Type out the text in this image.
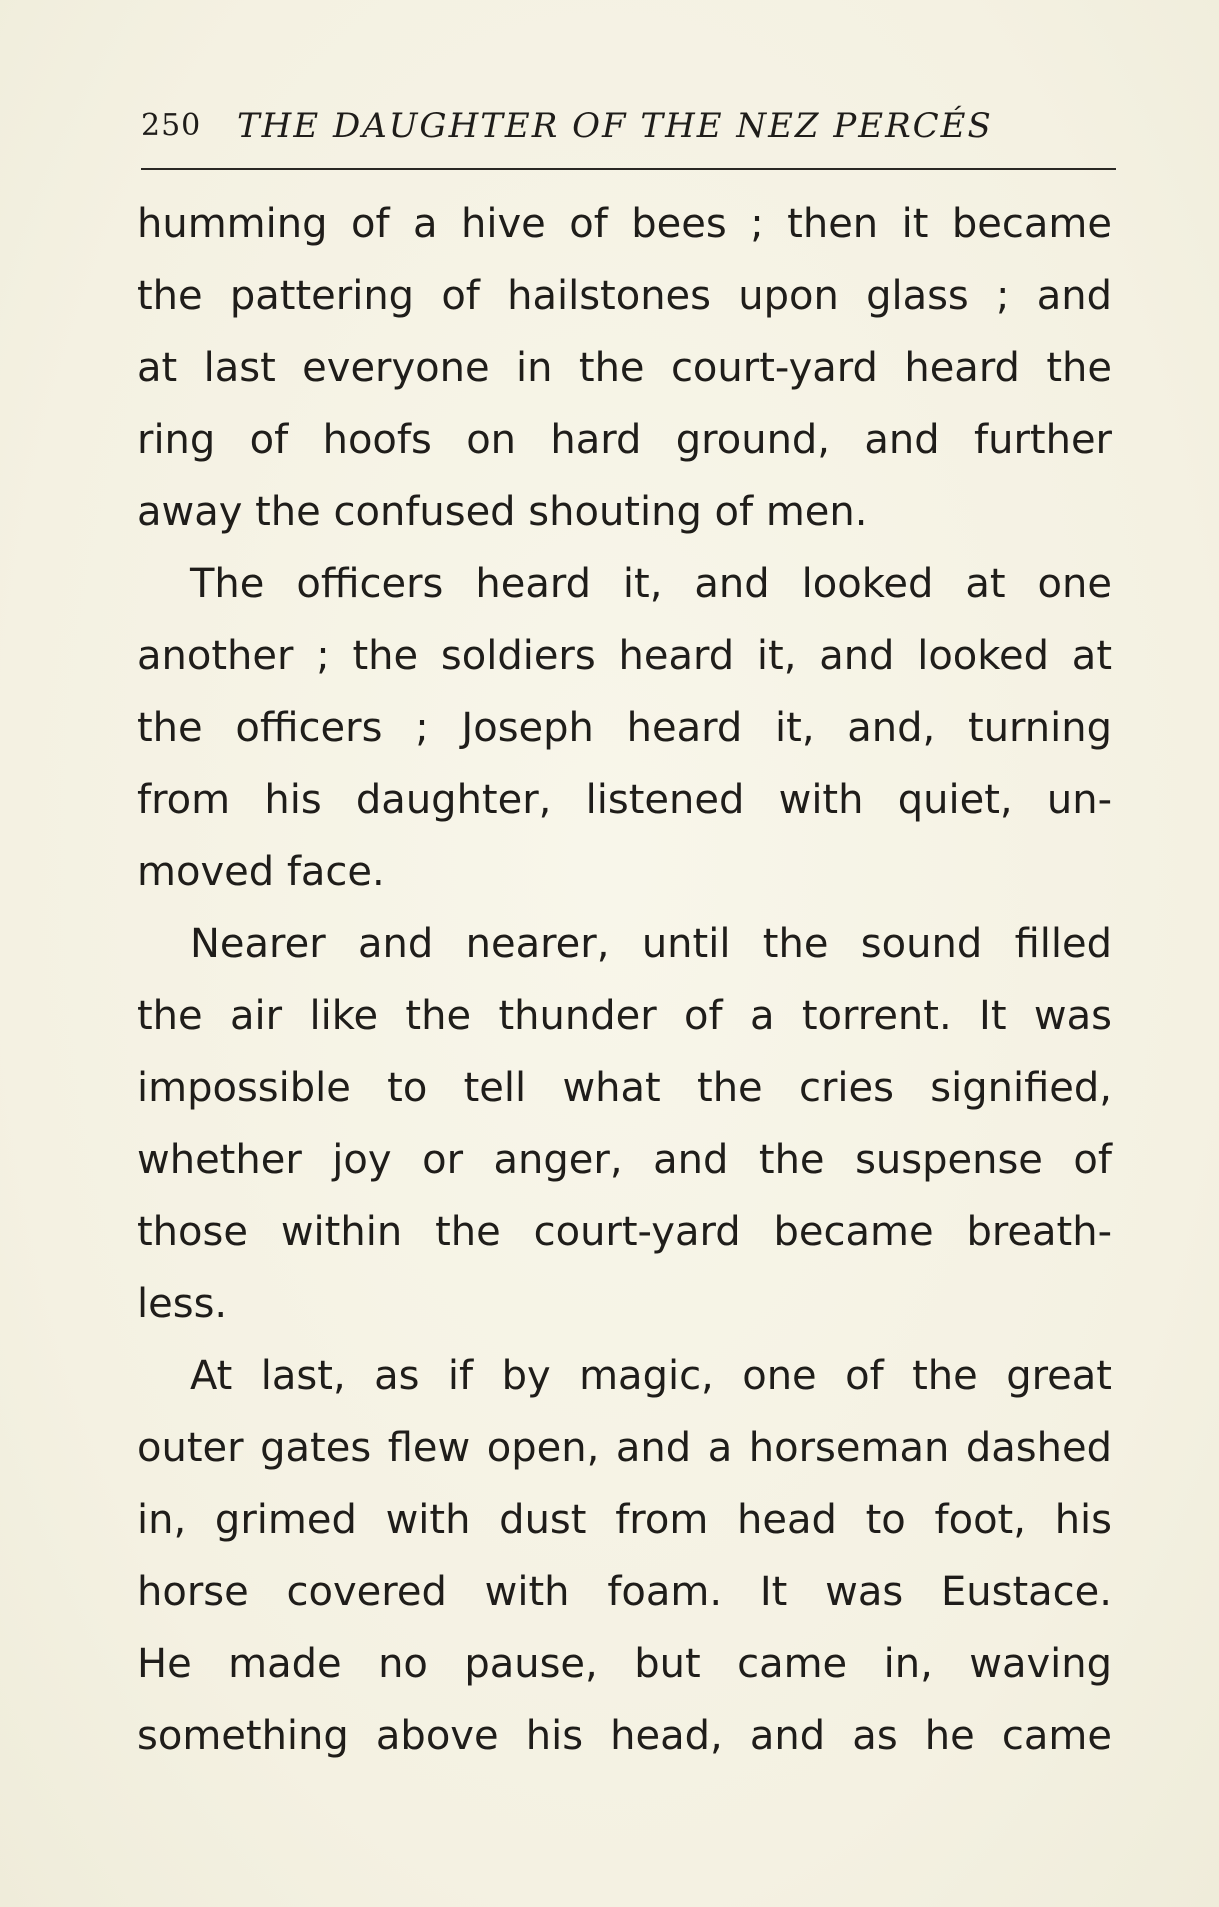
250 THE DAUGHTER OF THE NEZ PERCÉS
humming of a hive of bees ; then it became
the pattering of hailstones upon glass ; and
at last everyone in the court-yard heard the
ring of hoofs on hard ground, and further
away the confused shouting of men.
The officers heard it, and looked at one
another ; the soldiers heard it, and looked at
the officers ; Joseph heard it, and, turning
from his daughter, listened with quiet, un-
moved face.
Nearer and nearer, until the sound filled
the air like the thunder of a torrent. It was
impossible to tell what the cries signified,
whether joy or anger, and the suspense of
those within the court-yard became breath-
less.
At last, as if by magic, one of the great
outer gates flew open, and a horseman dashed
in, grimed with dust from head to foot, his
horse covered with foam. It was Eustace.
He made no pause, but came in, waving
something above his head, and as he came
